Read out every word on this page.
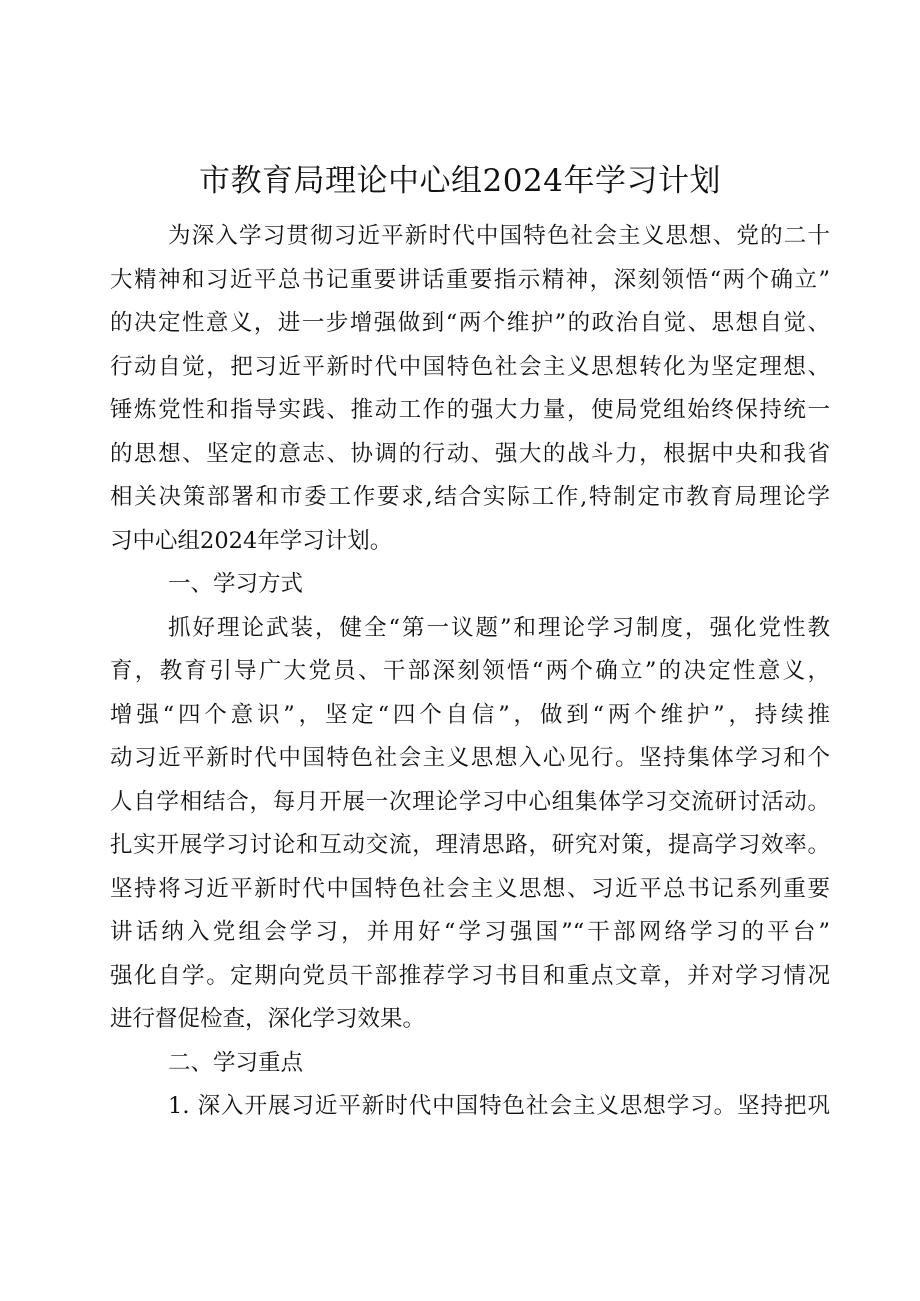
市教育局理论中心组2024年学习计划
为深入学习贯彻习近平新时代中国特色社会主义思想、党的二十
大精神和习近平总书记重要讲话重要指示精神，深刻领悟“两个确立”
的决定性意义，进一步增强做到“两个维护”的政治自觉、思想自觉、
行动自觉，把习近平新时代中国特色社会主义思想转化为坚定理想、
锤炼党性和指导实践、推动工作的强大力量，使局党组始终保持统一
的思想、坚定的意志、协调的行动、强大的战斗力，根据中央和我省
相关决策部署和市委工作要求,结合实际工作,特制定市教育局理论学
习中心组2024年学习计划。
一、学习方式
抓好理论武装，健全“第一议题”和理论学习制度，强化党性教
育，教育引导广大党员、干部深刻领悟“两个确立”的决定性意义，
增强“四个意识”，坚定“四个自信”，做到“两个维护”，持续推
动习近平新时代中国特色社会主义思想入心见行。坚持集体学习和个
人自学相结合，每月开展一次理论学习中心组集体学习交流研讨活动。
扎实开展学习讨论和互动交流，理清思路，研究对策，提高学习效率。
坚持将习近平新时代中国特色社会主义思想、习近平总书记系列重要
讲话纳入党组会学习，并用好“学习强国”“干部网络学习的平台”
强化自学。定期向党员干部推荐学习书目和重点文章，并对学习情况
进行督促检查，深化学习效果。
二、学习重点
1. 深入开展习近平新时代中国特色社会主义思想学习。坚持把巩
